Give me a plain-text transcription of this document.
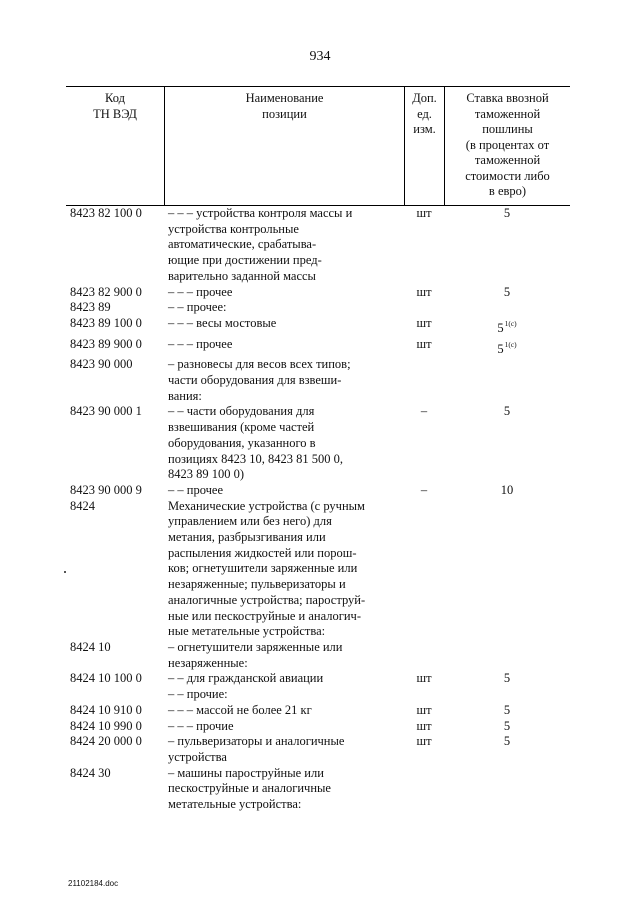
934
Код
ТН ВЭД
Наименование
позиции
Доп.
ед.
изм.
Ставка ввозной
таможенной
пошлины
(в процентах от
таможенной
стоимости либо
в евро)
8423 82 100 0	– – – устройства контроля массы и
устройства контрольные
автоматические, срабатыва-
ющие при достижении пред-
варительно заданной массы
шт	5
8423 82 900 0	– – – прочее	шт	5
8423 89	– – прочее:
8423 89 100 0	– – – весы мостовые	шт	$5^{1(c)}$
8423 89 900 0	– – – прочее	шт	$5^{1(c)}$
8423 90 000	– разновесы для весов всех типов;
части оборудования для взвеши-
вания:
8423 90 000 1	– – части оборудования для
взвешивания (кроме частей
оборудования, указанного в
позициях 8423 10, 8423 81 500 0,
8423 89 100 0)
–	5
8423 90 000 9	– – прочее	–	10
8424	Механические устройства (с ручным
управлением или без него) для
метания, разбрызгивания или
распыления жидкостей или порош-
ков; огнетушители заряженные или
незаряженные; пульверизаторы и
аналогичные устройства; пароструй-
ные или пескоструйные и аналогич-
ные метательные устройства:
8424 10	– огнетушители заряженные или
незаряженные:
8424 10 100 0	– – для гражданской авиации	шт	5
– – прочие:
8424 10 910 0	– – – массой не более 21 кг	шт	5
8424 10 990 0	– – – прочие	шт	5
8424 20 000 0	– пульверизаторы и аналогичные
устройства
шт	5
8424 30	– машины пароструйные или
пескоструйные и аналогичные
метательные устройства:
21102184.doc
